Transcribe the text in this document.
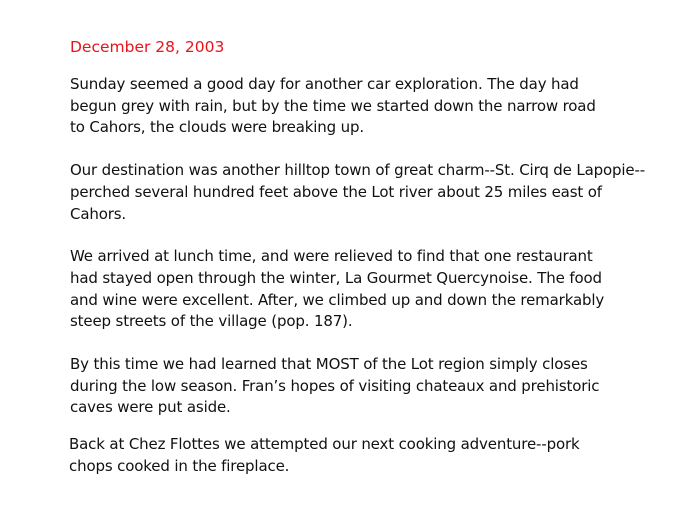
December 28, 2003
Sunday seemed a good day for another car exploration. The day had
begun grey with rain, but by the time we started down the narrow road
to Cahors, the clouds were breaking up.
Our destination was another hilltop town of great charm--St. Cirq de Lapopie--
perched several hundred feet above the Lot river about 25 miles east of
Cahors.
We arrived at lunch time, and were relieved to find that one restaurant
had stayed open through the winter, La Gourmet Quercynoise. The food
and wine were excellent. After, we climbed up and down the remarkably
steep streets of the village (pop. 187).
By this time we had learned that MOST of the Lot region simply closes
during the low season. Fran’s hopes of visiting chateaux and prehistoric
caves were put aside.
Back at Chez Flottes we attempted our next cooking adventure--pork
chops cooked in the fireplace.
